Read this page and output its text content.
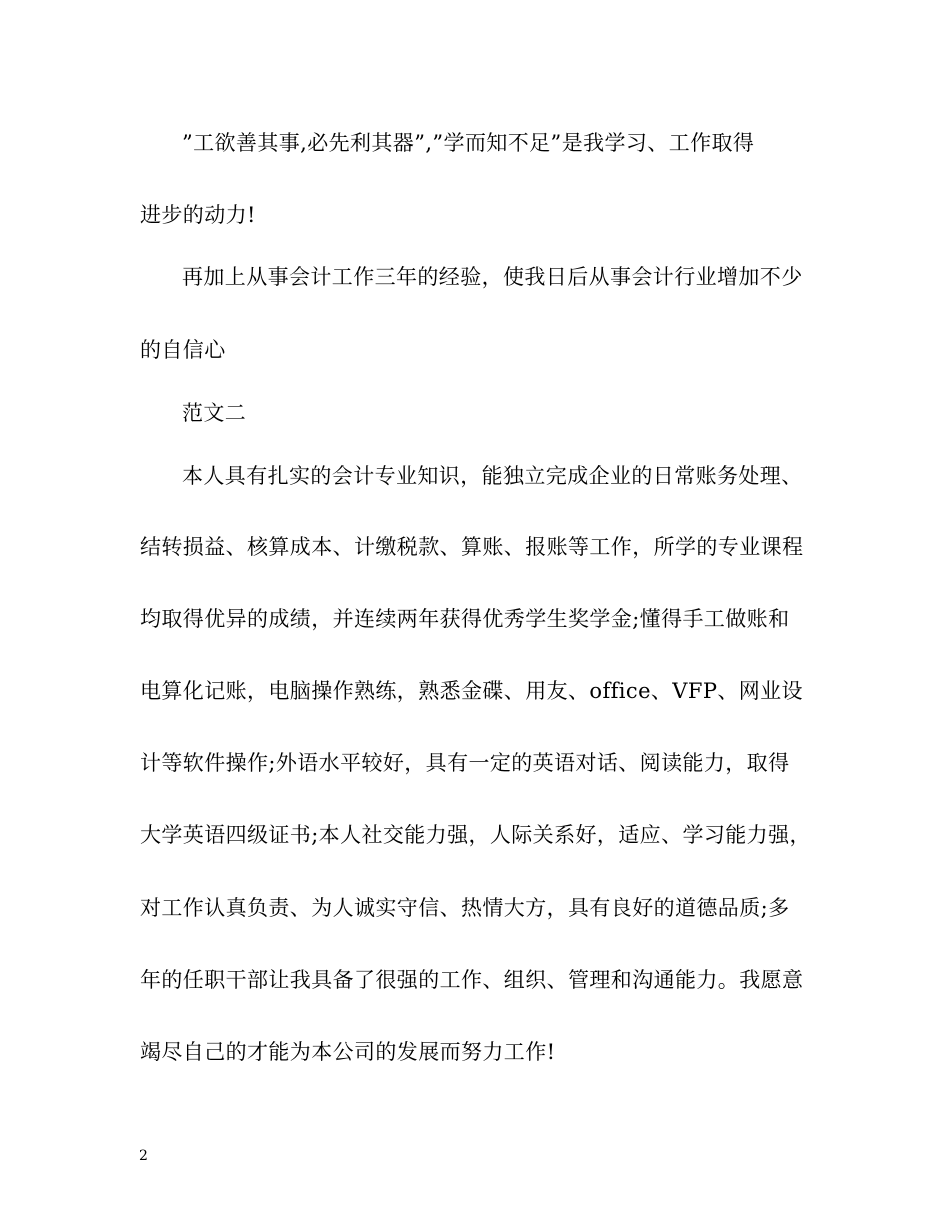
”工欲善其事,必先利其器”,”学而知不足”是我学习、工作取得
进步的动力!
再加上从事会计工作三年的经验，使我日后从事会计行业增加不少
的自信心
范文二
本人具有扎实的会计专业知识，能独立完成企业的日常账务处理、
结转损益、核算成本、计缴税款、算账、报账等工作，所学的专业课程
均取得优异的成绩，并连续两年获得优秀学生奖学金;懂得手工做账和
电算化记账，电脑操作熟练，熟悉金碟、用友、office、VFP、网业设
计等软件操作;外语水平较好，具有一定的英语对话、阅读能力，取得
大学英语四级证书;本人社交能力强，人际关系好，适应、学习能力强，
对工作认真负责、为人诚实守信、热情大方，具有良好的道德品质;多
年的任职干部让我具备了很强的工作、组织、管理和沟通能力。我愿意
竭尽自己的才能为本公司的发展而努力工作!
2
